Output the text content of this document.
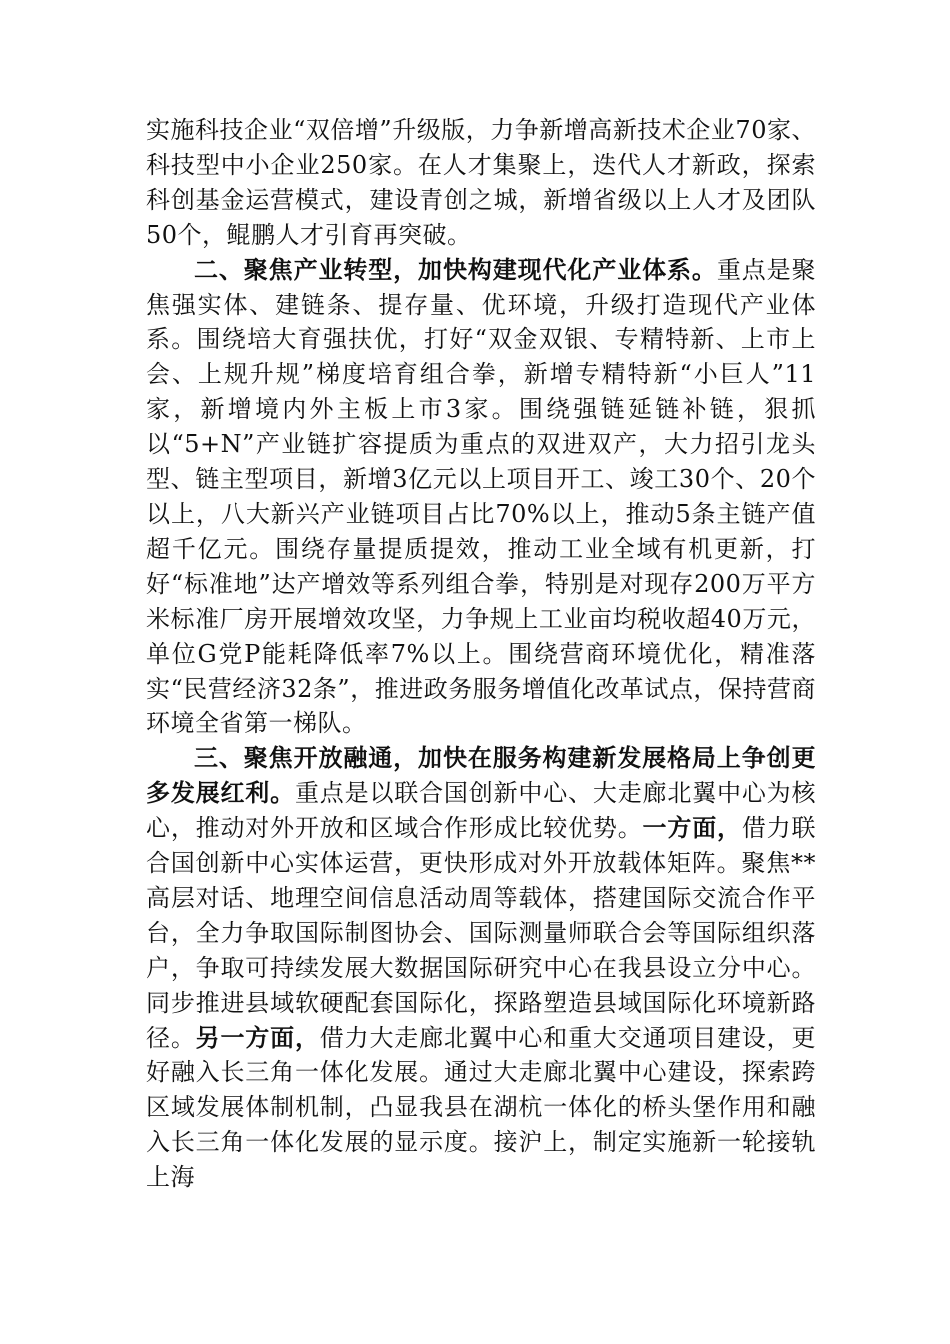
实施科技企业“双倍增”升级版，力争新增高新技术企业70家、科技型中小企业250家。在人才集聚上，迭代人才新政，探索科创基金运营模式，建设青创之城，新增省级以上人才及团队50个，鲲鹏人才引育再突破。

二、聚焦产业转型，加快构建现代化产业体系。重点是聚焦强实体、建链条、提存量、优环境，升级打造现代产业体系。围绕培大育强扶优，打好“双金双银、专精特新、上市上会、上规升规”梯度培育组合拳，新增专精特新“小巨人”11家，新增境内外主板上市3家。围绕强链延链补链，狠抓以“5+N”产业链扩容提质为重点的双进双产，大力招引龙头型、链主型项目，新增3亿元以上项目开工、竣工30个、20个以上，八大新兴产业链项目占比70%以上，推动5条主链产值超千亿元。围绕存量提质提效，推动工业全域有机更新，打好“标准地”达产增效等系列组合拳，特别是对现存200万平方米标准厂房开展增效攻坚，力争规上工业亩均税收超40万元，单位G党P能耗降低率7%以上。围绕营商环境优化，精准落实“民营经济32条”，推进政务服务增值化改革试点，保持营商环境全省第一梯队。

三、聚焦开放融通，加快在服务构建新发展格局上争创更多发展红利。重点是以联合国创新中心、大走廊北翼中心为核心，推动对外开放和区域合作形成比较优势。一方面，借力联合国创新中心实体运营，更快形成对外开放载体矩阵。聚焦**高层对话、地理空间信息活动周等载体，搭建国际交流合作平台，全力争取国际制图协会、国际测量师联合会等国际组织落户，争取可持续发展大数据国际研究中心在我县设立分中心。同步推进县域软硬配套国际化，探路塑造县域国际化环境新路径。另一方面，借力大走廊北翼中心和重大交通项目建设，更好融入长三角一体化发展。通过大走廊北翼中心建设，探索跨区域发展体制机制，凸显我县在湖杭一体化的桥头堡作用和融入长三角一体化发展的显示度。接沪上，制定实施新一轮接轨上海
